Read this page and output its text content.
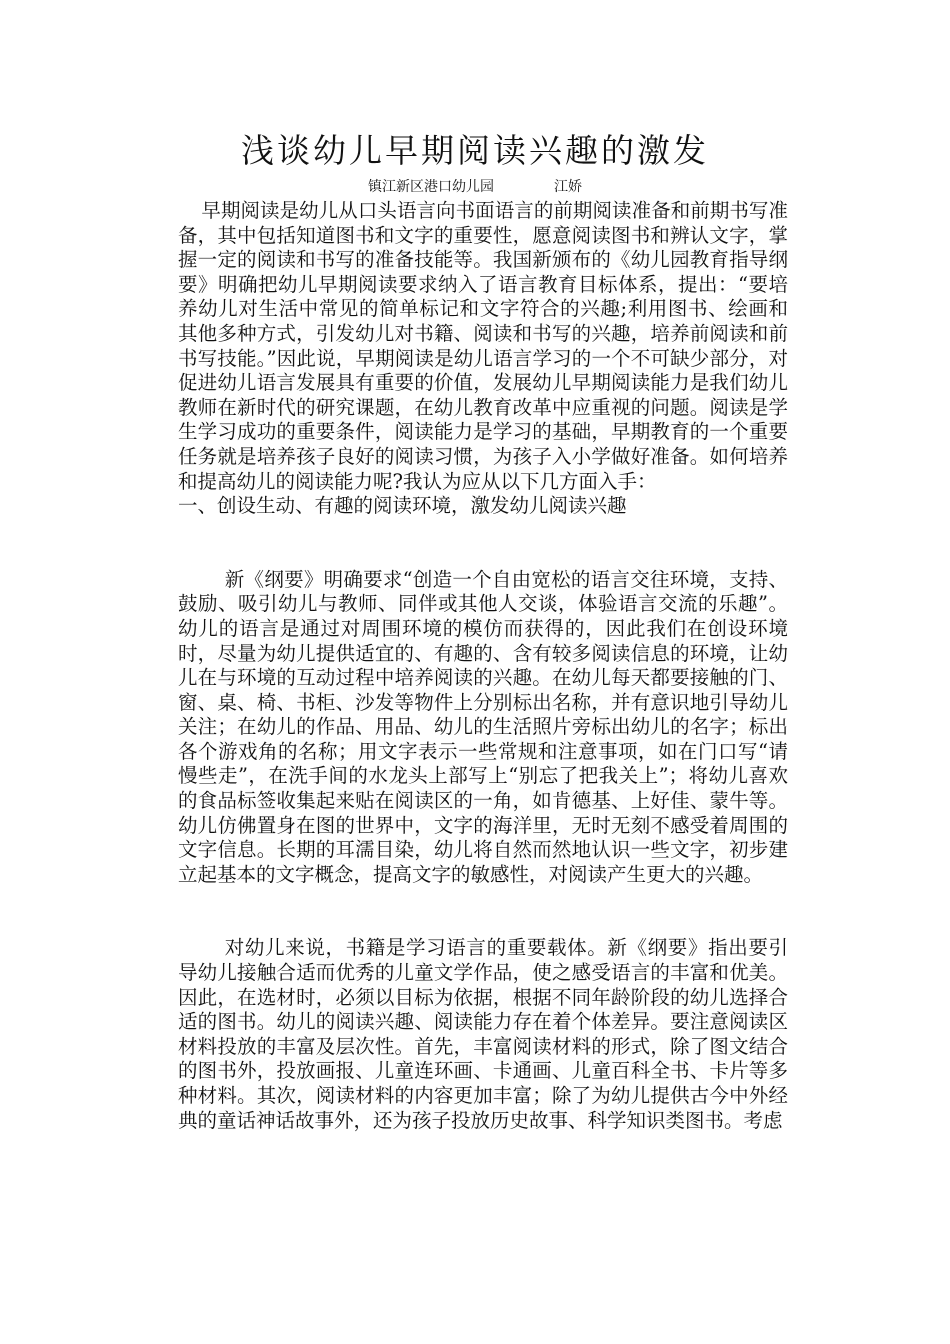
浅谈幼儿早期阅读兴趣的激发
镇江新区港口幼儿园	江娇

早期阅读是幼儿从口头语言向书面语言的前期阅读准备和前期书写准备，其中包括知道图书和文字的重要性，愿意阅读图书和辨认文字，掌握一定的阅读和书写的准备技能等。我国新颁布的《幼儿园教育指导纲要》明确把幼儿早期阅读要求纳入了语言教育目标体系，提出：“要培养幼儿对生活中常见的简单标记和文字符合的兴趣;利用图书、绘画和其他多种方式，引发幼儿对书籍、阅读和书写的兴趣，培养前阅读和前书写技能。”因此说，早期阅读是幼儿语言学习的一个不可缺少部分，对促进幼儿语言发展具有重要的价值，发展幼儿早期阅读能力是我们幼儿教师在新时代的研究课题，在幼儿教育改革中应重视的问题。阅读是学生学习成功的重要条件，阅读能力是学习的基础，早期教育的一个重要任务就是培养孩子良好的阅读习惯，为孩子入小学做好准备。如何培养和提高幼儿的阅读能力呢?我认为应从以下几方面入手：

一、创设生动、有趣的阅读环境，激发幼儿阅读兴趣

新《纲要》明确要求“创造一个自由宽松的语言交往环境，支持、鼓励、吸引幼儿与教师、同伴或其他人交谈，体验语言交流的乐趣”。幼儿的语言是通过对周围环境的模仿而获得的，因此我们在创设环境时，尽量为幼儿提供适宜的、有趣的、含有较多阅读信息的环境，让幼儿在与环境的互动过程中培养阅读的兴趣。在幼儿每天都要接触的门、窗、桌、椅、书柜、沙发等物件上分别标出名称，并有意识地引导幼儿关注；在幼儿的作品、用品、幼儿的生活照片旁标出幼儿的名字；标出各个游戏角的名称；用文字表示一些常规和注意事项，如在门口写“请慢些走”，在洗手间的水龙头上部写上“别忘了把我关上”；将幼儿喜欢的食品标签收集起来贴在阅读区的一角，如肯德基、上好佳、蒙牛等。幼儿仿佛置身在图的世界中，文字的海洋里，无时无刻不感受着周围的文字信息。长期的耳濡目染，幼儿将自然而然地认识一些文字，初步建立起基本的文字概念，提高文字的敏感性，对阅读产生更大的兴趣。

对幼儿来说，书籍是学习语言的重要载体。新《纲要》指出要引导幼儿接触合适而优秀的儿童文学作品，使之感受语言的丰富和优美。因此，在选材时，必须以目标为依据，根据不同年龄阶段的幼儿选择合适的图书。幼儿的阅读兴趣、阅读能力存在着个体差异。要注意阅读区材料投放的丰富及层次性。首先，丰富阅读材料的形式，除了图文结合的图书外，投放画报、儿童连环画、卡通画、儿童百科全书、卡片等多种材料。其次，阅读材料的内容更加丰富；除了为幼儿提供古今中外经典的童话神话故事外，还为孩子投放历史故事、科学知识类图书。考虑
